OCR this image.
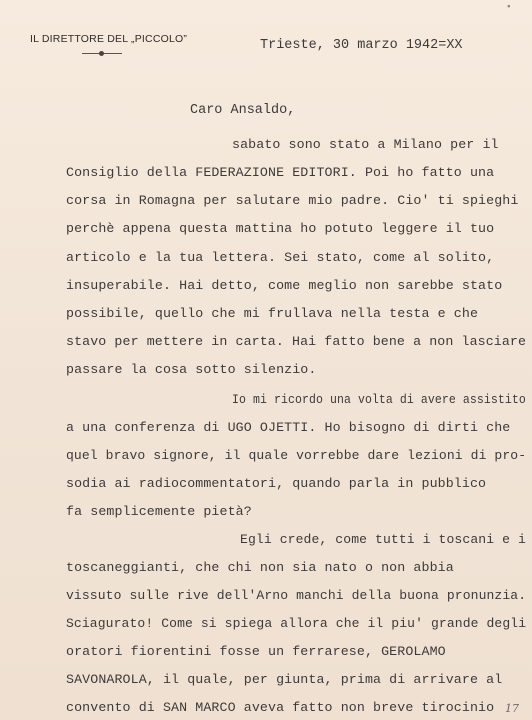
IL DIRETTORE DEL „PICCOLO”	Trieste, 30 marzo 1942=XX
Caro Ansaldo,
sabato sono stato a Milano per il
Consiglio della FEDERAZIONE EDITORI. Poi ho fatto una
corsa in Romagna per salutare mio padre. Cio' ti spieghi
perchè appena questa mattina ho potuto leggere il tuo
articolo e la tua lettera. Sei stato, come al solito,
insuperabile. Hai detto, come meglio non sarebbe stato
possibile, quello che mi frullava nella testa e che
stavo per mettere in carta. Hai fatto bene a non lasciare
passare la cosa sotto silenzio.
Io mi ricordo una volta di avere assistito
a una conferenza di UGO OJETTI. Ho bisogno di dirti che
quel bravo signore, il quale vorrebbe dare lezioni di pro-
sodia ai radiocommentatori, quando parla in pubblico
fa semplicemente pietà?
Egli crede, come tutti i toscani e i
toscaneggianti, che chi non sia nato o non abbia
vissuto sulle rive dell'Arno manchi della buona pronunzia.
Sciagurato! Come si spiega allora che il piu' grande degli
oratori fiorentini fosse un ferrarese, GEROLAMO
SAVONAROLA, il quale, per giunta, prima di arrivare al
convento di SAN MARCO aveva fatto non breve tirocinio
∙
17
